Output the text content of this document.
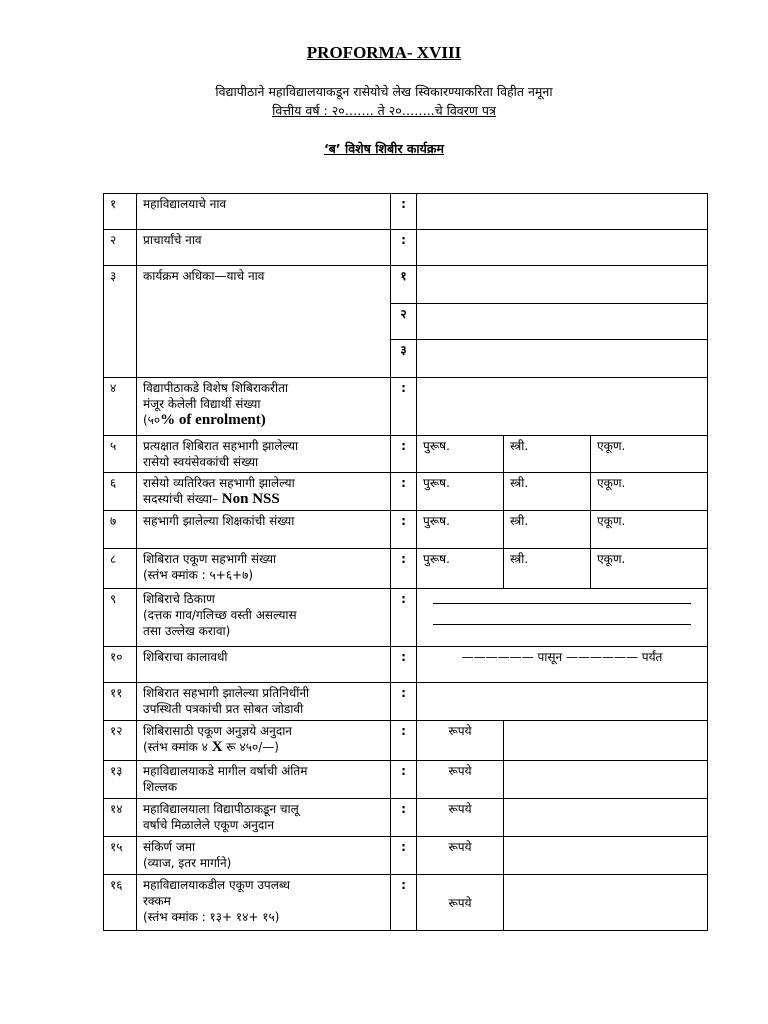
PROFORMA- XVIII
विद्यापीठाने महाविद्यालयाकडून रासेयोचे लेख स्विकारण्याकरिता विहीत नमूना
वित्तीय वर्ष : २०……. ते २०……..चे विवरण पत्र
‘ब’ विशेष शिबीर कार्यक्रम
१	महाविद्यालयाचे नाव	:			
२	प्राचार्यांचे नाव	:			
३	कार्यक्रम अधिका—याचे नाव	१			
		२			
		३			
४	विद्यापीठाकडे विशेष शिबिराकरीता
मंजूर केलेली विद्यार्थी संख्या
(५०% of enrolment)	:			
५	प्रत्यक्षात शिबिरात सहभागी झालेल्या
रासेयो स्वयंसेवकांची संख्या	:	पुरूष.	स्त्री.	एकूण.
६	रासेयो व्यतिरिक्त सहभागी झालेल्या
सदस्यांची संख्या– Non NSS	:	पुरूष.	स्त्री.	एकूण.
७	सहभागी झालेल्या शिक्षकांची संख्या	:	पुरूष.	स्त्री.	एकूण.
८	शिबिरात एकूण सहभागी संख्या
(स्तंभ क्मांक : ५+६+७)	:	पुरूष.	स्त्री.	एकूण.
९	शिबिराचे ठिकाण
(दत्तक गाव/गलिच्छ वस्ती असल्यास
तसा उल्लेख करावा)	:			

१०	शिबिराचा कालावधी	:	—————— पासून —————— पर्यंत		
११	शिबिरात सहभागी झालेल्या प्रतिनिधींनी
उपस्थिती पत्रकांची प्रत सोबत जोडावी	:			
१२	शिबिरासाठी एकूण अनुज्ञये अनुदान
(स्तंभ क्मांक ४ X रू ४५०/—)	:	रूपये		
१३	महाविद्यालयाकडे मागील वर्षाची अंतिम
शिल्लक	:	रूपये		
१४	महाविद्यालयाला विद्यापीठाकडून चालू
वर्षाचे मिळालेले एकूण अनुदान	:	रूपये		
१५	संकिर्ण जमा
(व्याज, इतर मार्गाने)	:	रूपये		
१६	महाविद्यालयाकडील एकूण उपलब्ध
रक्कम
(स्तंभ क्मांक : १३+ १४+ १५)	:	रूपये		
